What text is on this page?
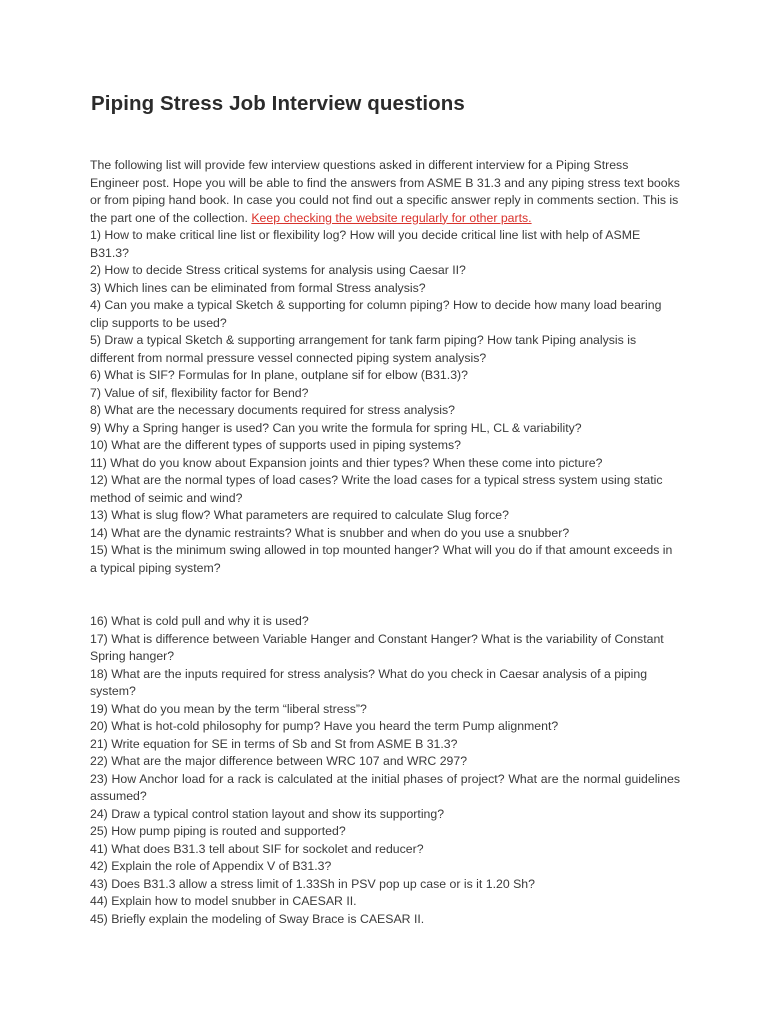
Piping Stress Job Interview questions

The following list will provide few interview questions asked in different interview for a Piping Stress Engineer post. Hope you will be able to find the answers from ASME B 31.3 and any piping stress text books or from piping hand book. In case you could not find out a specific answer reply in comments section. This is the part one of the collection. Keep checking the website regularly for other parts.

1) How to make critical line list or flexibility log? How will you decide critical line list with help of ASME B31.3?

2) How to decide Stress critical systems for analysis using Caesar II?

3) Which lines can be eliminated from formal Stress analysis?

4) Can you make a typical Sketch & supporting for column piping? How to decide how many load bearing clip supports to be used?

5) Draw a typical Sketch & supporting arrangement for tank farm piping? How tank Piping analysis is different from normal pressure vessel connected piping system analysis?

6) What is SIF? Formulas for In plane, outplane sif for elbow (B31.3)?

7) Value of sif, flexibility factor for Bend?

8) What are the necessary documents required for stress analysis?

9) Why a Spring hanger is used? Can you write the formula for spring HL, CL & variability?

10) What are the different types of supports used in piping systems?

11) What do you know about Expansion joints and thier types? When these come into picture?

12) What are the normal types of load cases? Write the load cases for a typical stress system using static method of seimic and wind?

13) What is slug flow? What parameters are required to calculate Slug force?

14) What are the dynamic restraints? What is snubber and when do you use a snubber?

15) What is the minimum swing allowed in top mounted hanger? What will you do if that amount exceeds in a typical piping system?

16) What is cold pull and why it is used?

17) What is difference between Variable Hanger and Constant Hanger? What is the variability of Constant Spring hanger?

18) What are the inputs required for stress analysis? What do you check in Caesar analysis of a piping system?

19) What do you mean by the term “liberal stress”?

20) What is hot-cold philosophy for pump? Have you heard the term Pump alignment?

21) Write equation for SE in terms of Sb and St from ASME B 31.3?

22) What are the major difference between WRC 107 and WRC 297?

23) How Anchor load for a rack is calculated at the initial phases of project? What are the normal guidelines assumed?

24) Draw a typical control station layout and show its supporting?

25) How pump piping is routed and supported?

41) What does B31.3 tell about SIF for sockolet and reducer?

42) Explain the role of Appendix V of B31.3?

43) Does B31.3 allow a stress limit of 1.33Sh in PSV pop up case or is it 1.20 Sh?

44) Explain how to model snubber in CAESAR II.

45) Briefly explain the modeling of Sway Brace is CAESAR II.
